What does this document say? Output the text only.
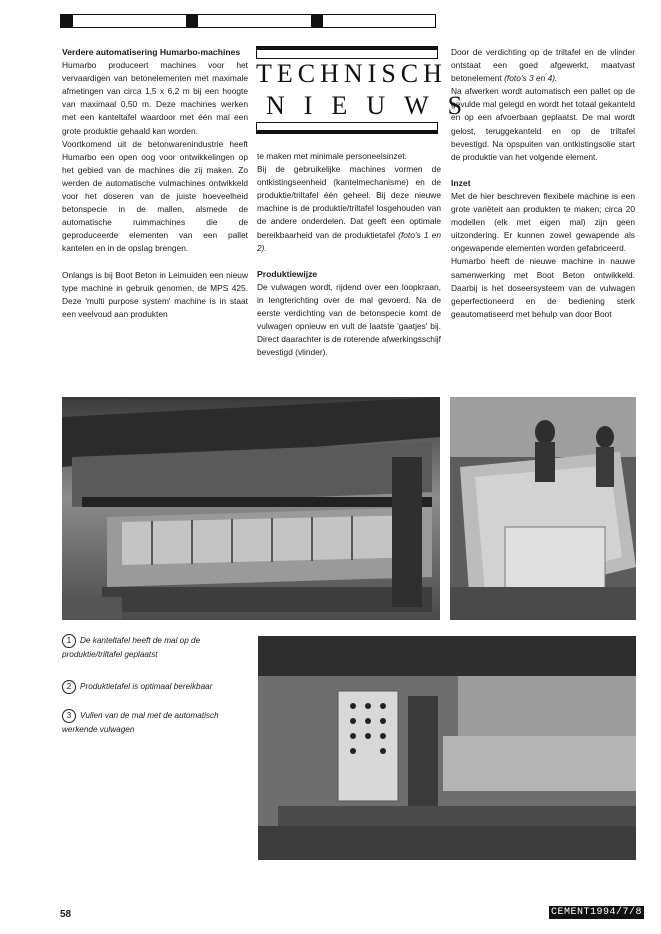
TECHNISCH
NIEUWS
Verdere automatisering Humarbo-machines

Humarbo produceert machines voor het vervaardigen van betonelementen met maximale afmetingen van circa 1,5 x 6,2 m bij een hoogte van maximaal 0,50 m. Deze machines werken met een kanteltafel waardoor met één mal een grote produktie gehaald kan worden.

Voortkomend uit de betonwarenindustrie heeft Humarbo een open oog voor ontwikkelingen op het gebied van de machines die zij maken. Zo werden de automatische vulmachines ontwikkeld voor het doseren van de juiste hoeveelheid betonspecie in de mallen, alsmede de automatische ruimmachines die de geproduceerde elementen van een pallet kantelen en in de opslag brengen.

Onlangs is bij Boot Beton in Leimuiden een nieuw type machine in gebruik genomen, de MPS 425. Deze 'multi purpose system' machine is in staat een veelvoud aan produkten

te maken met minimale personeelsinzet.

Bij de gebruikelijke machines vormen de ontkistingseenheid (kantelmechanisme) en de produktie/triltafel één geheel. Bij deze nieuwe machine is de produktie/triltafel losgehouden van de andere onderdelen. Dat geeft een optimale bereikbaarheid van de produktietafel (foto's 1 en 2).

Produktiewijze

De vulwagen wordt, rijdend over een loopkraan, in lengterichting over de mal gevoerd. Na de eerste verdichting van de betonspecie komt de vulwagen opnieuw en vult de laatste 'gaatjes' bij. Direct daarachter is de roterende afwerkingsschijf bevestigd (vlinder).

Door de verdichting op de triltafel en de vlinder ontstaat een goed afgewerkt, maatvast betonelement (foto's 3 en 4).

Na afwerken wordt automatisch een pallet op de gevulde mal gelegd en wordt het totaal gekanteld en op een afvoerbaan geplaatst. De mal wordt gelost, teruggekanteld en op de triltafel bevestigd. Na opspuiten van ontkistingsolie start de produktie van het volgende element.

Inzet

Met de hier beschreven flexibele machine is een grote variëteit aan produkten te maken; circa 20 modellen (elk met eigen mal) zijn geen uitzondering. Er kunnen zowel gewapende als ongewapende elementen worden gefabriceerd.

Humarbo heeft de nieuwe machine in nauwe samenwerking met Boot Beton ontwikkeld. Daarbij is het doseersysteem van de vulwagen geperfectioneerd en de bediening sterk geautomatiseerd met behulp van door Boot

1 De kanteltafel heeft de mal op de produktie/triltafel geplaatst
2 Produktietafel is optimaal bereikbaar
3 Vullen van de mal met de automatisch werkende vulwagen
58	CEMENT1994/7/8
